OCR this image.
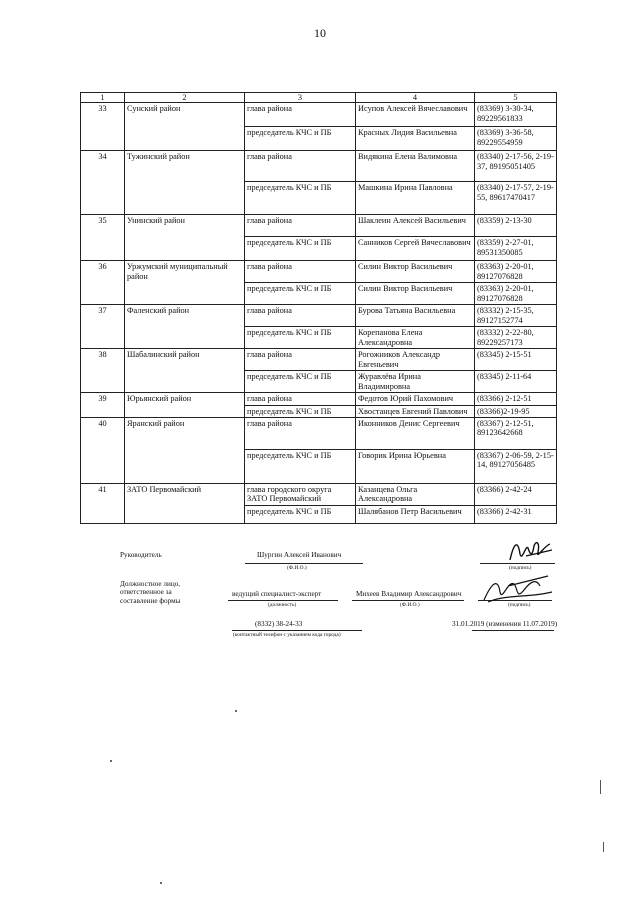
10
1	2	3	4	5
33	Сунский район	глава района	Исупов Алексей Вячеславович	(83369) 3-30-34, 89229561833
		председатель КЧС и ПБ	Красных Лидия Васильевна	(83369) 3-36-58, 89229554959
34	Тужинский район	глава района	Видякина Елена Валимовна	(83340) 2-17-56, 2-19-37, 89195051405
		председатель КЧС и ПБ	Машкина Ирина Павловна	(83340) 2-17-57, 2-19-55, 89617470417
35	Унинский район	глава района	Шаклеин Алексей Васильевич	(83359) 2-13-30
		председатель КЧС и ПБ	Санников Сергей Вячеславович	(83359) 2-27-01, 89531350085
36	Уржумский муниципальный район	глава района	Силин Виктор Васильевич	(83363) 2-20-01, 89127076828
		председатель КЧС и ПБ	Силин Виктор Васильевич	(83363) 2-20-01, 89127076828
37	Фаленский район	глава района	Бурова Татьяна Васильевна	(83332) 2-15-35, 89127152774
		председатель КЧС и ПБ	Корепанова Елена Александровна	(83332) 2-22-80, 89229257173
38	Шабалинский район	глава района	Рогожников Александр Евгеньевич	(83345) 2-15-51
		председатель КЧС и ПБ	Журавлёва Ирина Владимировна	(83345) 2-11-64
39	Юрьянский район	глава района	Федотов Юрий Пахомович	(83366) 2-12-51
		председатель КЧС и ПБ	Хвостанцев Евгений Павлович	(83366)2-19-95
40	Яранский район	глава района	Иконников Денис Сергеевич	(83367) 2-12-51, 89123642668
		председатель КЧС и ПБ	Говорик Ирина Юрьевна	(83367) 2-06-59, 2-15-14, 89127056485
41	ЗАТО Первомайский	глава городского округа ЗАТО Первомайский	Казанцева Ольга Александровна	(83366) 2-42-24
		председатель КЧС и ПБ	Шалябанов Петр Васильевич	(83366) 2-42-31
Руководитель	Шургин Алексей Иванович
(Ф.И.О.)	(подпись)
Должностное лицо, ответственное за составление формы
ведущий специалист-эксперт
(должность)
Михеев Владимир Александрович
(Ф.И.О.)	(подпись)
(8332) 38-24-33
(контактный телефон с указанием кода города)
31.01.2019 (изменения 11.07.2019)
